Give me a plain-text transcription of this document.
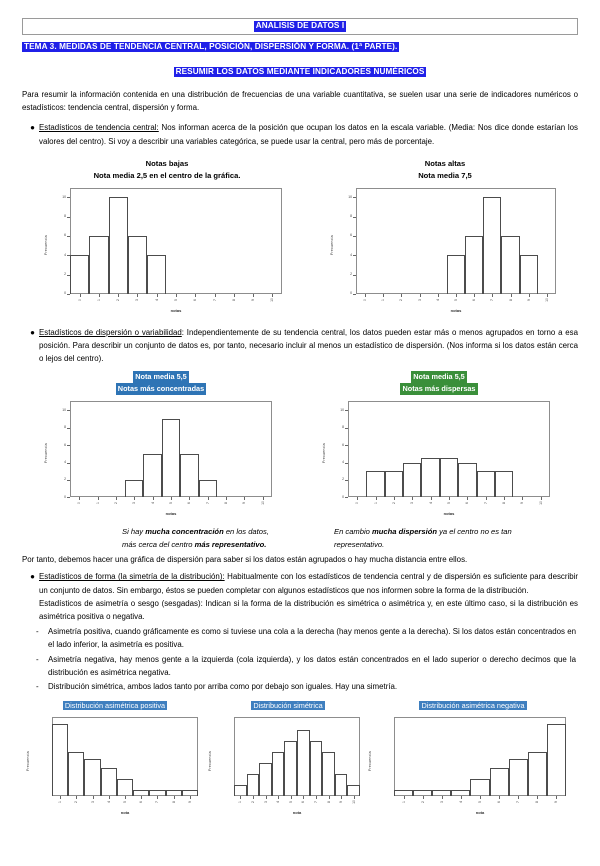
ANALISIS DE DATOS I
TEMA 3. MEDIDAS DE TENDENCIA CENTRAL, POSICIÓN, DISPERSIÓN Y FORMA. (1ª PARTE).
RESUMIR LOS DATOS MEDIANTE INDICADORES NUMÉRICOS
Para resumir la información contenida en una distribución de frecuencias de una variable cuantitativa, se suelen usar una serie de indicadores numéricos o estadísticos: tendencia central, dispersión y forma.
● Estadísticos de tendencia central: Nos informan acerca de la posición que ocupan los datos en la escala variable. (Media: Nos dice donde estarían los valores del centro). Si voy a describir una variables categórica, se puede usar la central, pero más de porcentaje.
Notas bajas
Nota media 2,5 en el centro de la gráfica.
Notas altas
Nota media 7,5
Frecuencia
0
2
4
6
8
10
0	1	2	3	4	5	6	7	8	9	10
notas
Frecuencia
0
2
4
6
8
10
0	1	2	3	4	5	6	7	8	9	10
notas
● Estadísticos de dispersión o variabilidad: Independientemente de su tendencia central, los datos pueden estar más o menos agrupados en torno a esa posición. Para describir un conjunto de datos es, por tanto, necesario incluir al menos un estadístico de dispersión. (Nos informa si los datos están cerca o lejos del centro).
Nota media 5,5
Notas más concentradas
Nota media 5,5
Notas más dispersas
Frecuencia
0
2
4
6
8
10
0	1	2	3	4	5	6	7	8	9	10
notas
Frecuencia
0
2
4
6
8
10
0	1	2	3	4	5	6	7	8	9	10
notas
Si hay mucha concentración en los datos,
más cerca del centro más representativo.
En cambio mucha dispersión ya el centro no es tan
representativo.
Por tanto, debemos hacer una gráfica de dispersión para saber si los datos están agrupados o hay mucha distancia entre ellos.
● Estadísticos de forma (la simetría de la distribución): Habitualmente con los estadísticos de tendencia central y de dispersión es suficiente para describir un conjunto de datos. Sin embargo, éstos se pueden completar con algunos estadísticos que nos informen sobre la forma de la distribución.
Estadísticos de asimetría o sesgo (sesgadas): Indican si la forma de la distribución es simétrica o asimétrica y, en este último caso, si la distribución es asimétrica positiva o negativa.
-	Asimetría positiva, cuando gráficamente es como si tuviese una cola a la derecha (hay menos gente a la derecha). Si los datos están concentrados en el lado inferior, la asimetría es positiva.
-	Asimetría negativa, hay menos gente a la izquierda (cola izquierda), y los datos están concentrados en el lado superior o derecho decimos que la distribución es asimétrica negativa.
-	Distribución simétrica, ambos lados tanto por arriba como por debajo son iguales. Hay una simetría.
Distribución asimétrica positiva	Distribución simétrica	Distribución asimétrica negativa
Frecuencia
1	2	3	4	5	6	7	8	9
nota
Frecuencia
1	2	3	4	5	6	7	8	9	10
nota
Frecuencia
1	2	3	4	5	6	7	8	9
nota
